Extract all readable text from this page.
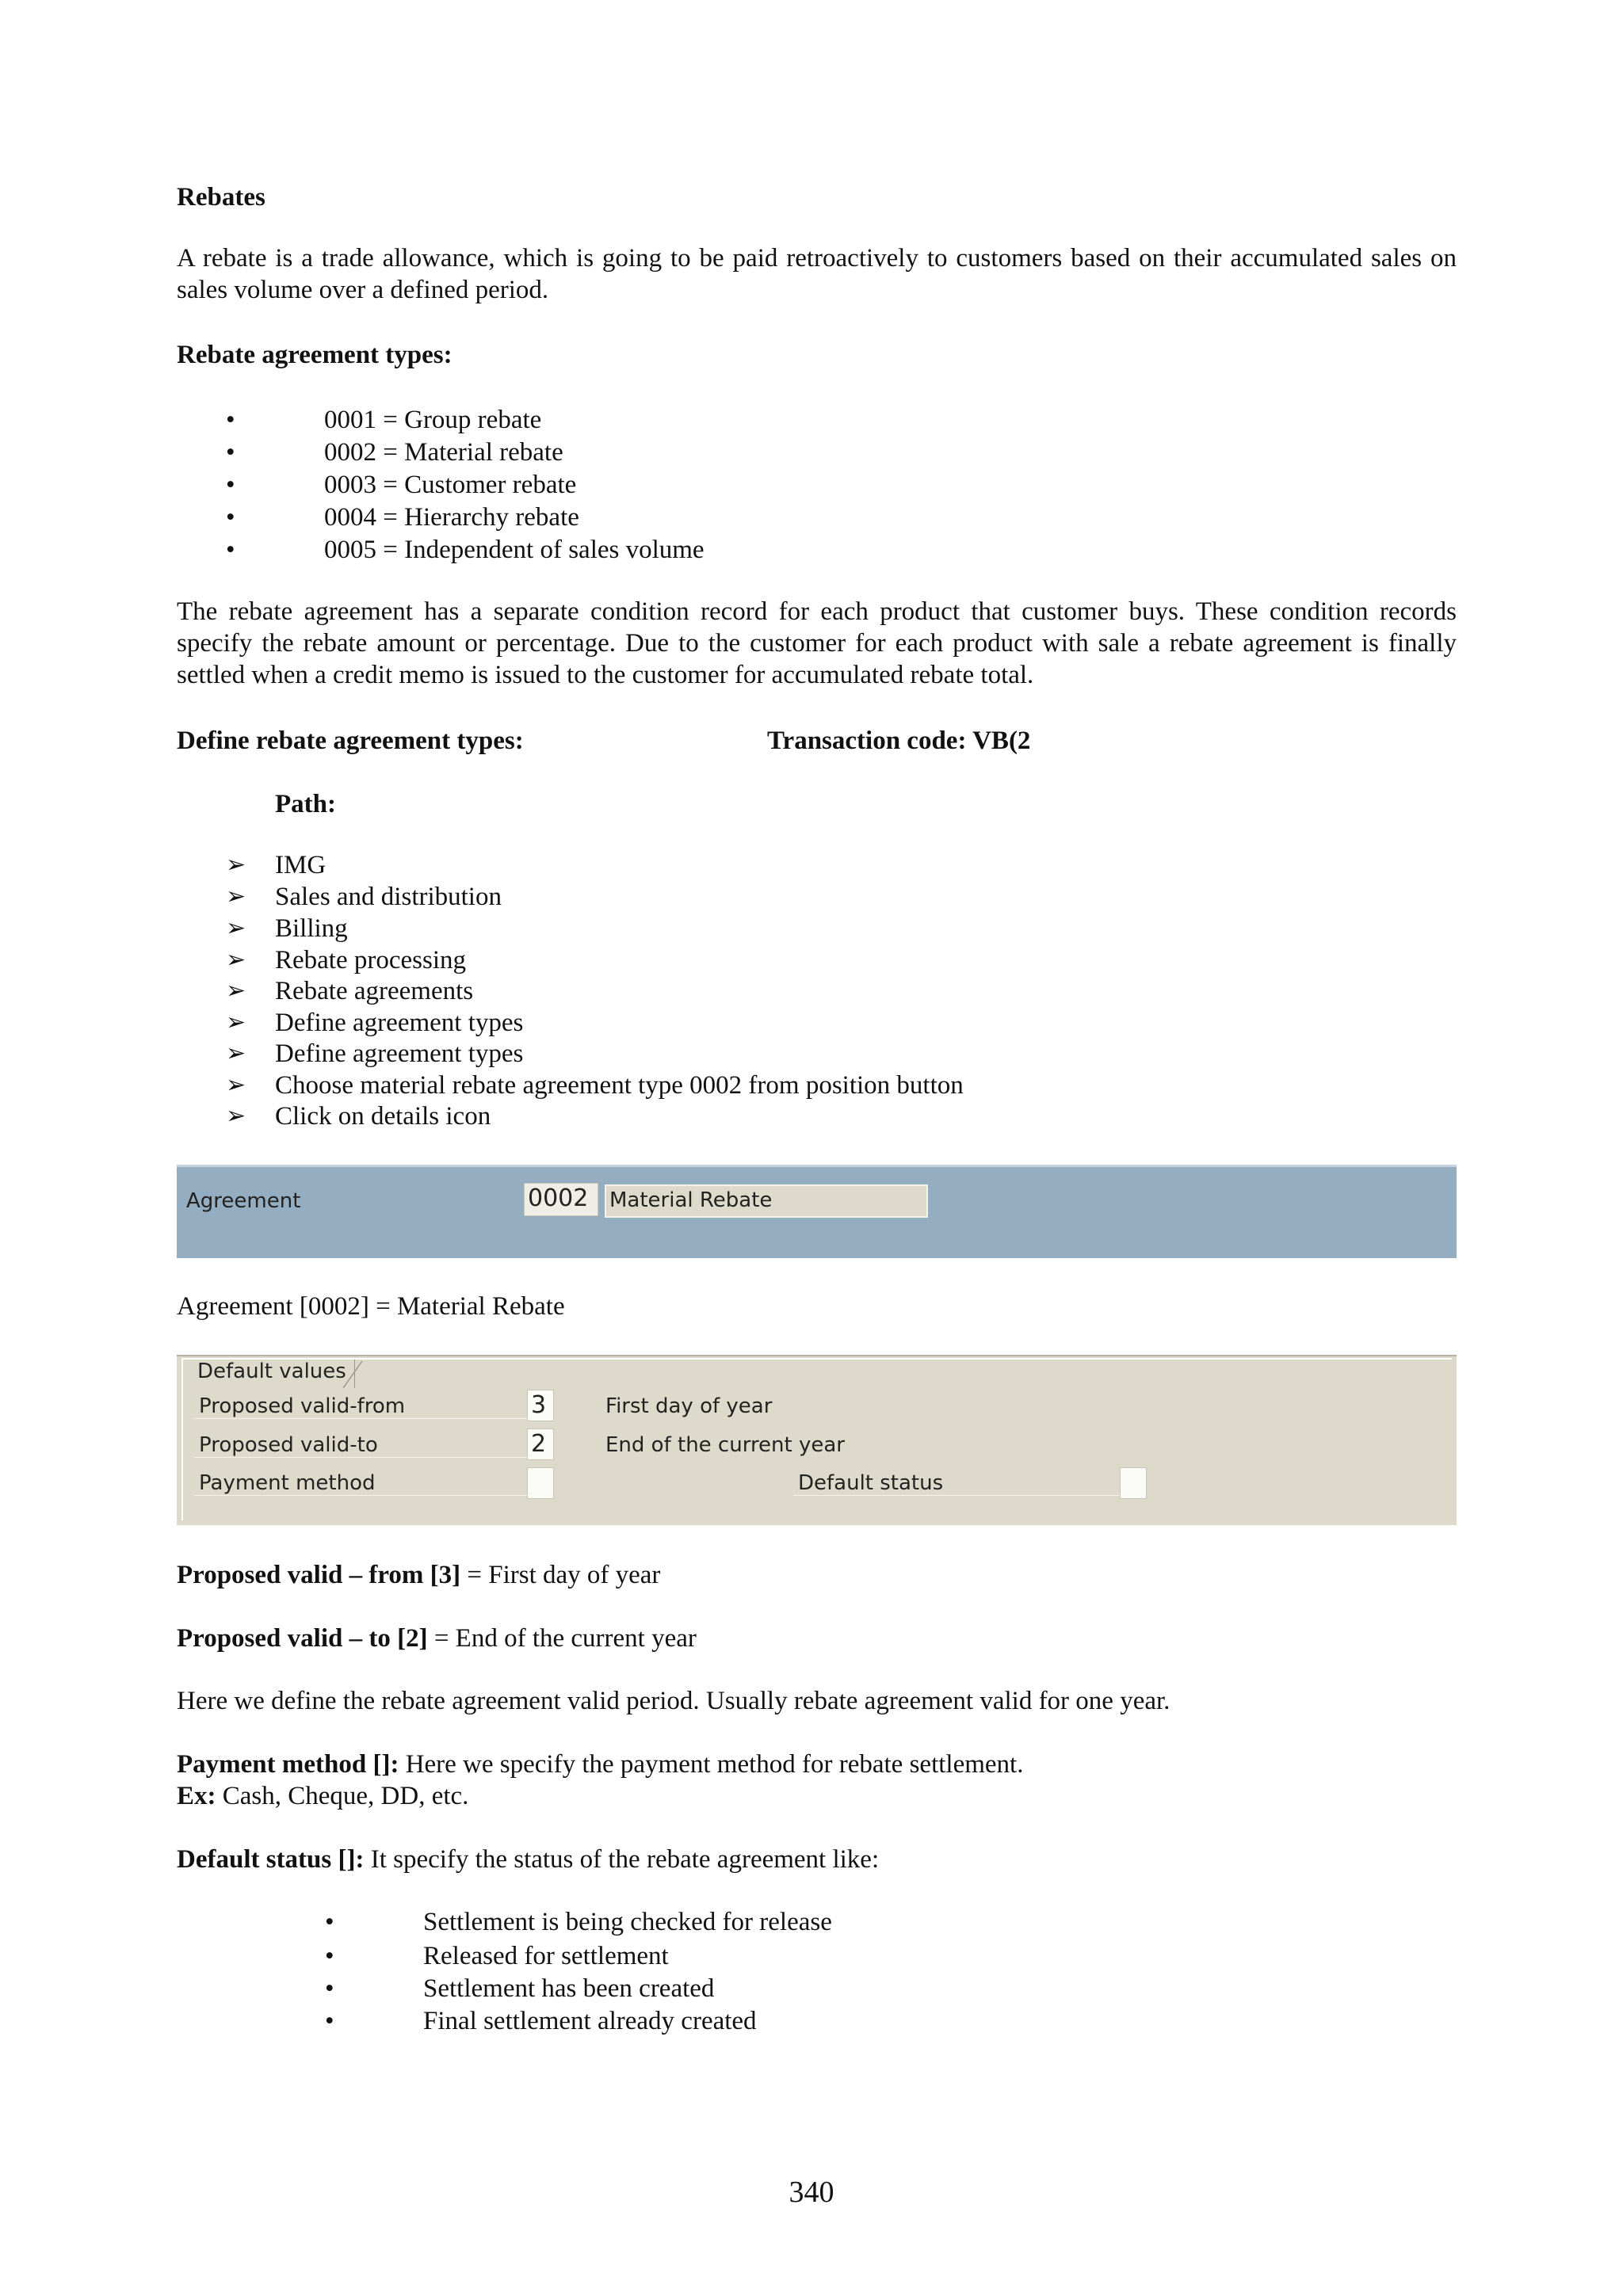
Rebates
A rebate is a trade allowance, which is going to be paid retroactively to customers based on their accumulated sales on sales volume over a defined period.
Rebate agreement types:
•	0001 = Group rebate
•	0002 = Material rebate
•	0003 = Customer rebate
•	0004 = Hierarchy rebate
•	0005 = Independent of sales volume
The rebate agreement has a separate condition record for each product that customer buys. These condition records specify the rebate amount or percentage. Due to the customer for each product with sale a rebate agreement is finally settled when a credit memo is issued to the customer for accumulated rebate total.
Define rebate agreement types:	Transaction code: VB(2
Path:
➢ IMG
➢ Sales and distribution
➢ Billing
➢ Rebate processing
➢ Rebate agreements
➢ Define agreement types
➢ Define agreement types
➢ Choose material rebate agreement type 0002 from position button
➢ Click on details icon
Agreement	0002	Material Rebate
Agreement [0002] = Material Rebate
Default values
Proposed valid-from	3	First day of year
Proposed valid-to	2	End of the current year
Payment method	Default status
Proposed valid – from [3] = First day of year
Proposed valid – to [2] = End of the current year
Here we define the rebate agreement valid period. Usually rebate agreement valid for one year.
Payment method []: Here we specify the payment method for rebate settlement.
Ex: Cash, Cheque, DD, etc.
Default status []: It specify the status of the rebate agreement like:
•	Settlement is being checked for release
•	Released for settlement
•	Settlement has been created
•	Final settlement already created
340
